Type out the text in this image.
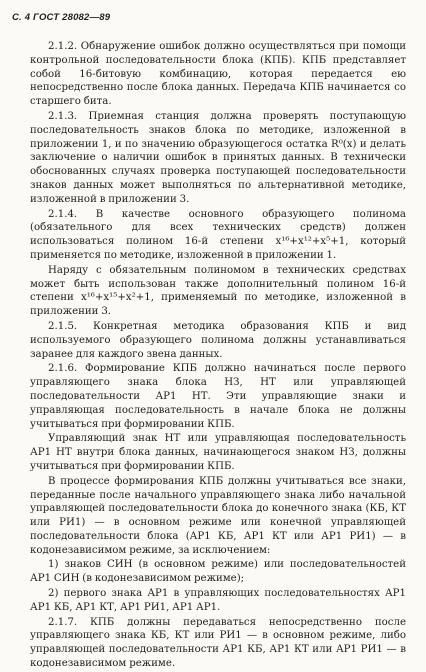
С. 4 ГОСТ 28082—89

2.1.2. Обнаружение ошибок должно осуществляться при помощи контрольной последовательности блока (КПБ). КПБ представляет собой 16-битовую комбинацию, которая передается ею непосредственно после блока данных. Передача КПБ начинается со старшего бита.

2.1.3. Приемная станция должна проверять поступающую последовательность знаков блока по методике, изложенной в приложении 1, и по значению образующегося остатка R⁰(x) и делать заключение о наличии ошибок в принятых данных. В технически обоснованных случаях проверка поступающей последовательности знаков данных может выполняться по альтернативной методике, изложенной в приложении 3.

2.1.4. В качестве основного образующего полинома (обязательного для всех технических средств) должен использоваться полином 16-й степени x¹⁶+x¹²+x⁵+1, который применяется по методике, изложенной в приложении 1.

Наряду с обязательным полиномом в технических средствах может быть использован также дополнительный полином 16-й степени x¹⁶+x¹⁵+x²+1, применяемый по методике, изложенной в приложении 3.

2.1.5. Конкретная методика образования КПБ и вид используемого образующего полинома должны устанавливаться заранее для каждого звена данных.

2.1.6. Формирование КПБ должно начинаться после первого управляющего знака блока НЗ, НТ или управляющей последовательности АР1 НТ. Эти управляющие знаки и управляющая последовательность в начале блока не должны учитываться при формировании КПБ.

Управляющий знак НТ или управляющая последовательность АР1 НТ внутри блока данных, начинающегося знаком НЗ, должны учитываться при формировании КПБ.

В процессе формирования КПБ должны учитываться все знаки, переданные после начального управляющего знака либо начальной управляющей последовательности блока до конечного знака (КБ, КТ или РИ1) — в основном режиме или конечной управляющей последовательности блока (АР1 КБ, АР1 КТ или АР1 РИ1) — в кодонезависимом режиме, за исключением:

1) знаков СИН (в основном режиме) или последовательностей АР1 СИН (в кодонезависимом режиме);

2) первого знака АР1 в управляющих последовательностях АР1 АР1 КБ, АР1 КТ, АР1 РИ1, АР1 АР1.

2.1.7. КПБ должны передаваться непосредственно после управляющего знака КБ, КТ или РИ1 — в основном режиме, либо управляющей последовательности АР1 КБ, АР1 КТ или АР1 РИ1 — в кодонезависимом режиме.
